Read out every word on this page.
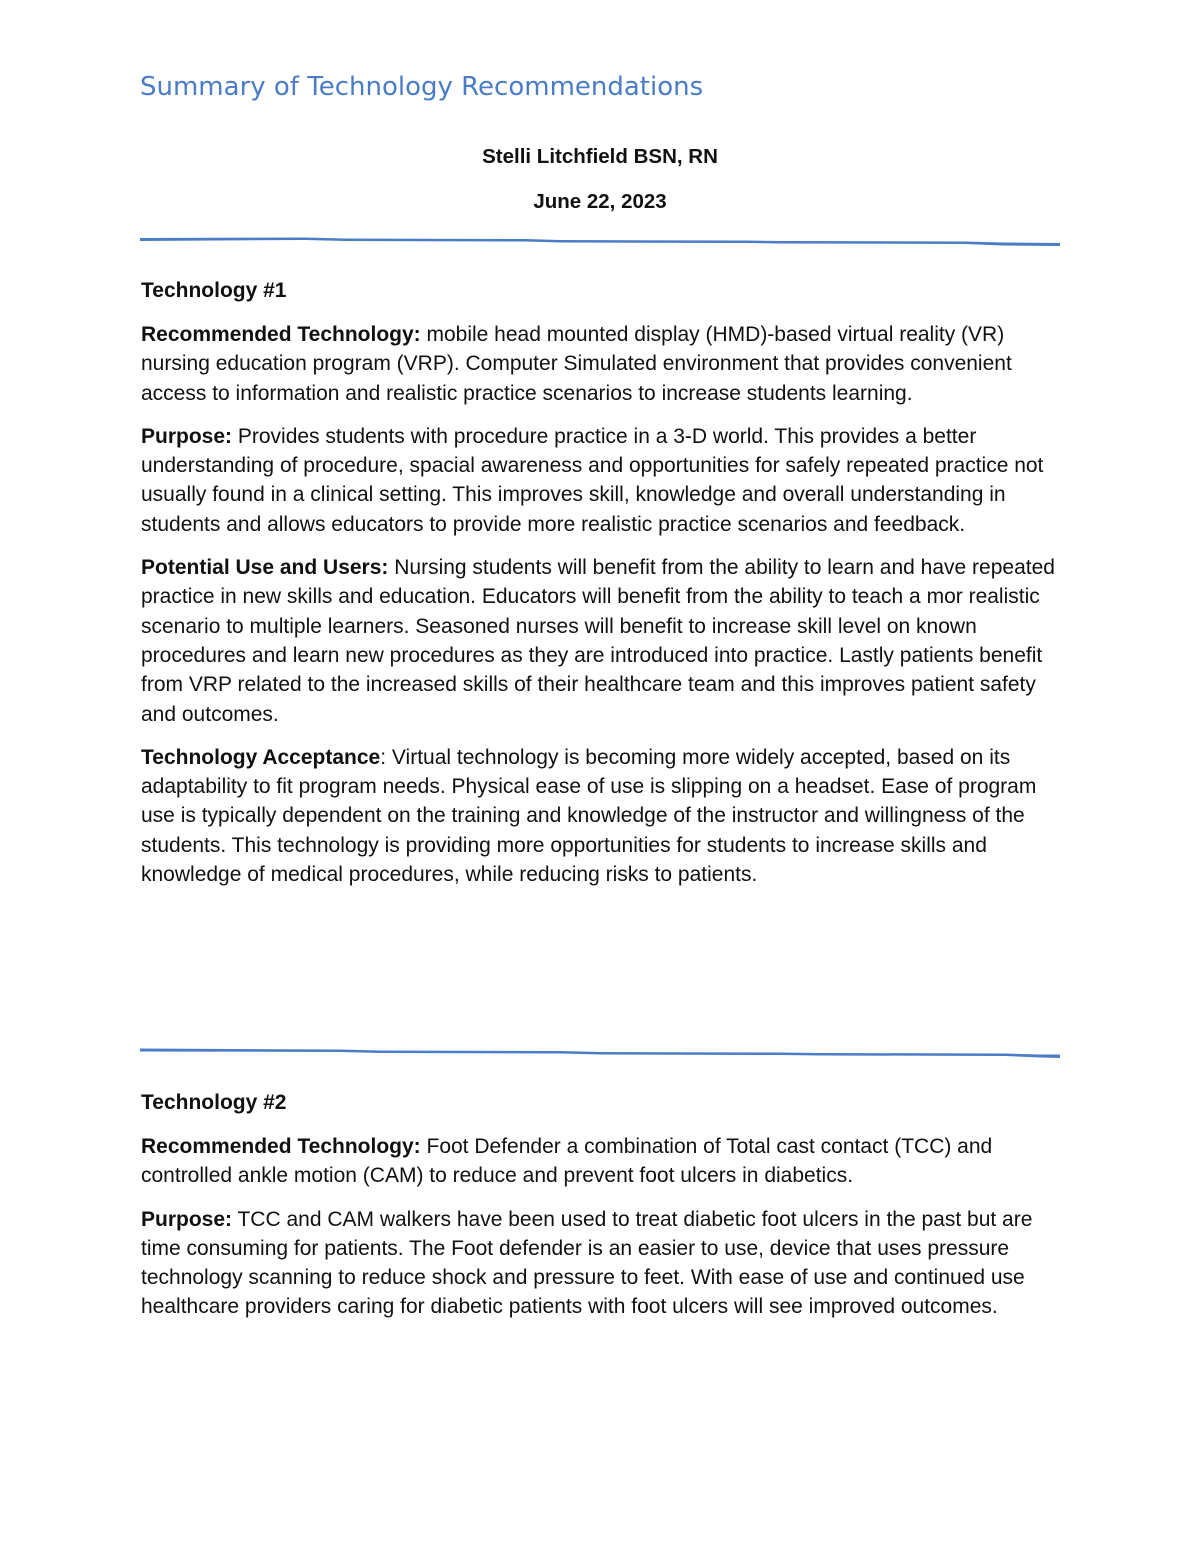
Summary of Technology Recommendations

Stelli Litchfield BSN, RN

June 22, 2023

Technology #1

Recommended Technology: mobile head mounted display (HMD)-based virtual reality (VR) nursing education program (VRP). Computer Simulated environment that provides convenient access to information and realistic practice scenarios to increase students learning.

Purpose: Provides students with procedure practice in a 3-D world. This provides a better understanding of procedure, spacial awareness and opportunities for safely repeated practice not usually found in a clinical setting. This improves skill, knowledge and overall understanding in students and allows educators to provide more realistic practice scenarios and feedback.

Potential Use and Users: Nursing students will benefit from the ability to learn and have repeated practice in new skills and education. Educators will benefit from the ability to teach a mor realistic scenario to multiple learners. Seasoned nurses will benefit to increase skill level on known procedures and learn new procedures as they are introduced into practice. Lastly patients benefit from VRP related to the increased skills of their healthcare team and this improves patient safety and outcomes.

Technology Acceptance: Virtual technology is becoming more widely accepted, based on its adaptability to fit program needs. Physical ease of use is slipping on a headset. Ease of program use is typically dependent on the training and knowledge of the instructor and willingness of the students. This technology is providing more opportunities for students to increase skills and knowledge of medical procedures, while reducing risks to patients.

Technology #2

Recommended Technology: Foot Defender a combination of Total cast contact (TCC) and controlled ankle motion (CAM) to reduce and prevent foot ulcers in diabetics.

Purpose: TCC and CAM walkers have been used to treat diabetic foot ulcers in the past but are time consuming for patients. The Foot defender is an easier to use, device that uses pressure technology scanning to reduce shock and pressure to feet. With ease of use and continued use healthcare providers caring for diabetic patients with foot ulcers will see improved outcomes.
